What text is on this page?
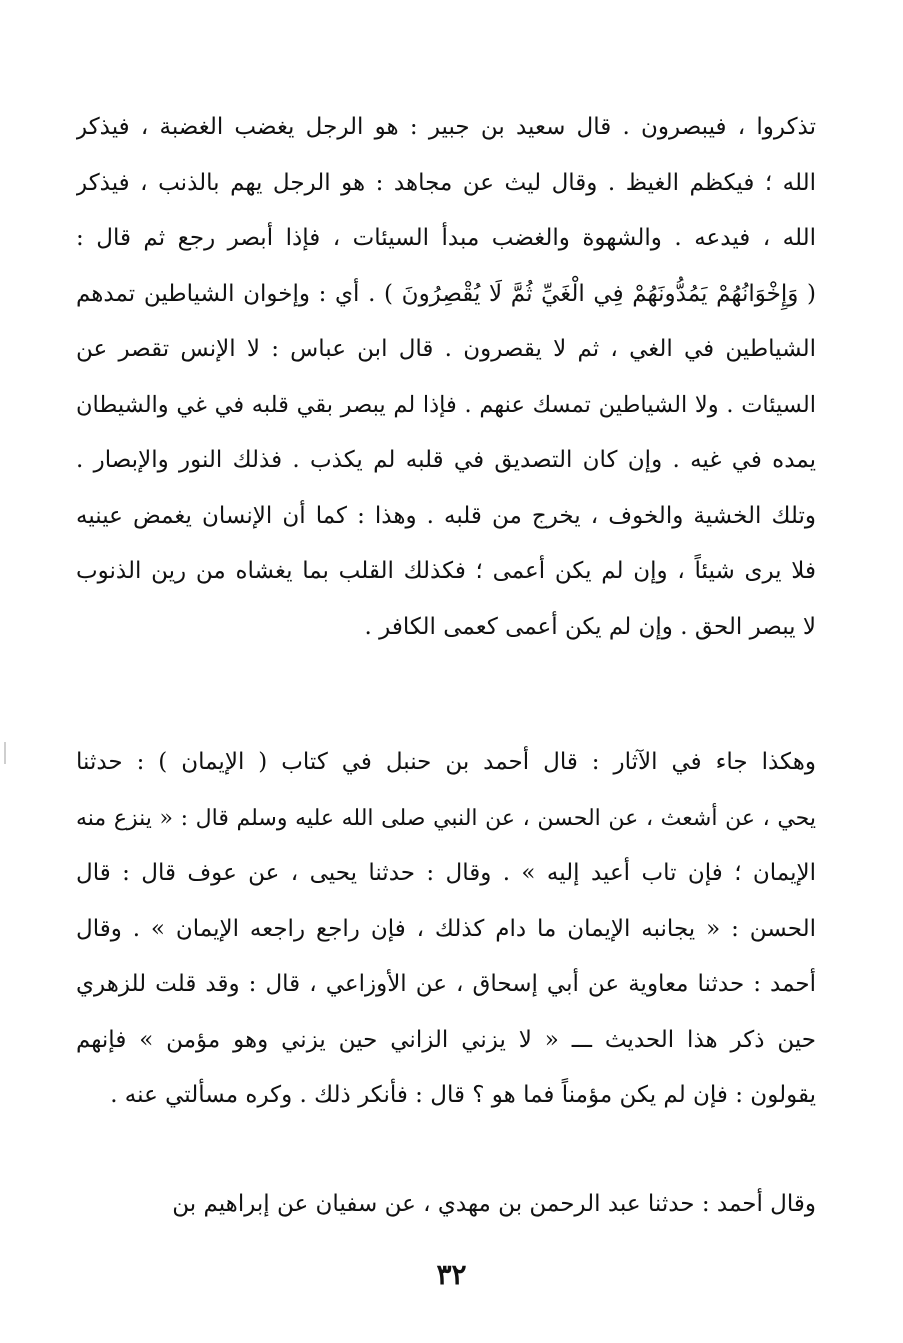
تذكروا ، فيبصرون . قال سعيد بن جبير : هو الرجل يغضب الغضبة ، فيذكر
الله ؛ فيكظم الغيظ . وقال ليث عن مجاهد : هو الرجل يهم بالذنب ، فيذكر
الله ، فيدعه . والشهوة والغضب مبدأ السيئات ، فإذا أبصر رجع ثم قال :
( وَإِخْوَانُهُمْ يَمُدُّونَهُمْ فِي الْغَيِّ ثُمَّ لَا يُقْصِرُونَ ) . أي : وإخوان الشياطين تمدهم
الشياطين في الغي ، ثم لا يقصرون . قال ابن عباس : لا الإنس تقصر عن
السيئات . ولا الشياطين تمسك عنهم . فإذا لم يبصر بقي قلبه في غي والشيطان
يمده في غيه . وإن كان التصديق في قلبه لم يكذب . فذلك النور والإبصار .
وتلك الخشية والخوف ، يخرج من قلبه . وهذا : كما أن الإنسان يغمض عينيه
فلا يرى شيئاً ، وإن لم يكن أعمى ؛ فكذلك القلب بما يغشاه من رين الذنوب
لا يبصر الحق . وإن لم يكن أعمى كعمى الكافر .
وهكذا جاء في الآثار : قال أحمد بن حنبل في كتاب ( الإيمان ) : حدثنا
يحي ، عن أشعث ، عن الحسن ، عن النبي صلى الله عليه وسلم قال : « ينزع منه
الإيمان ؛ فإن تاب أعيد إليه » . وقال : حدثنا يحيى ، عن عوف قال : قال
الحسن : « يجانبه الإيمان ما دام كذلك ، فإن راجع راجعه الإيمان » . وقال
أحمد : حدثنا معاوية عن أبي إسحاق ، عن الأوزاعي ، قال : وقد قلت للزهري
حين ذكر هذا الحديث ـــ « لا يزني الزاني حين يزني وهو مؤمن » فإنهم
يقولون : فإن لم يكن مؤمناً فما هو ؟ قال : فأنكر ذلك . وكره مسألتي عنه .
وقال أحمد : حدثنا عبد الرحمن بن مهدي ، عن سفيان عن إبراهيم بن
٣٢
